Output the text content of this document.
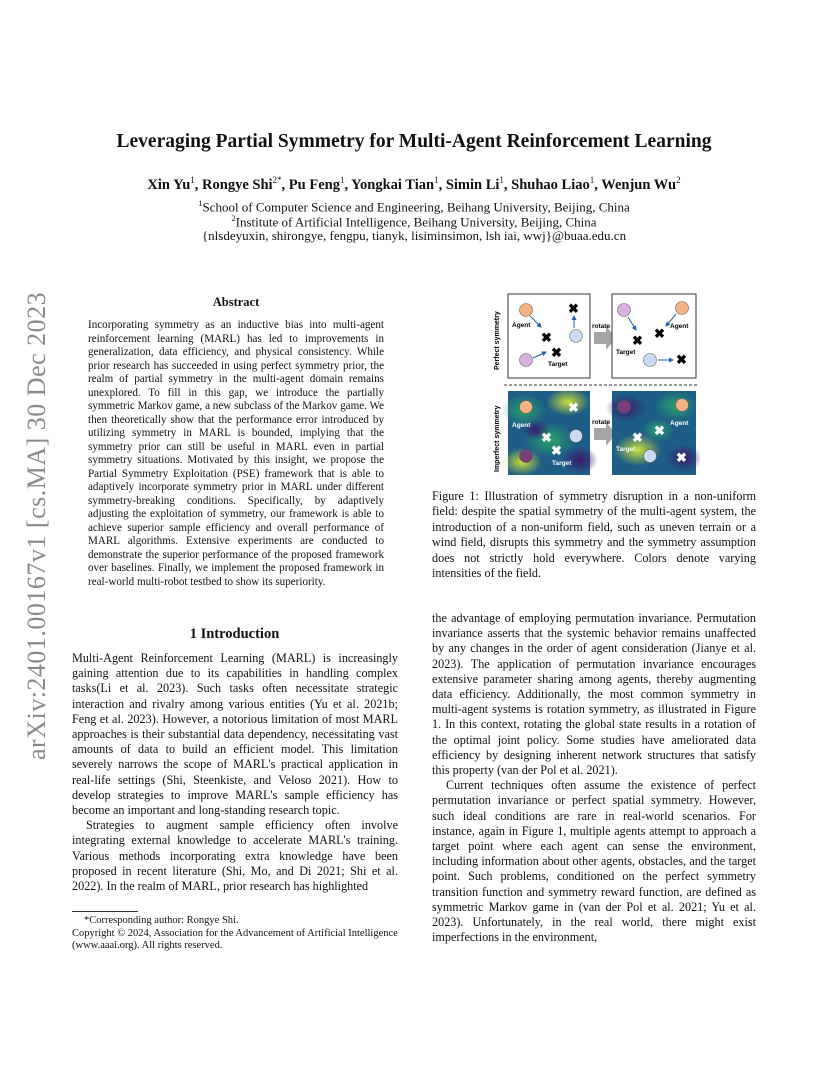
arXiv:2401.00167v1 [cs.MA] 30 Dec 2023
Leveraging Partial Symmetry for Multi-Agent Reinforcement Learning
Xin Yu$^1$, Rongye Shi$^{2*}$, Pu Feng$^1$, Yongkai Tian$^1$, Simin Li$^1$, Shuhao Liao$^1$, Wenjun Wu$^2$
$^1$School of Computer Science and Engineering, Beihang University, Beijing, China
$^2$Institute of Artificial Intelligence, Beihang University, Beijing, China
{nlsdeyuxin, shirongye, fengpu, tianyk, lisiminsimon, lsh iai, wwj}@buaa.edu.cn
Abstract
Incorporating symmetry as an inductive bias into multi-agent reinforcement learning (MARL) has led to improvements in generalization, data efficiency, and physical consistency. While prior research has succeeded in using perfect symmetry prior, the realm of partial symmetry in the multi-agent domain remains unexplored. To fill in this gap, we introduce the partially symmetric Markov game, a new subclass of the Markov game. We then theoretically show that the performance error introduced by utilizing symmetry in MARL is bounded, implying that the symmetry prior can still be useful in MARL even in partial symmetry situations. Motivated by this insight, we propose the Partial Symmetry Exploitation (PSE) framework that is able to adaptively incorporate symmetry prior in MARL under different symmetry-breaking conditions. Specifically, by adaptively adjusting the exploitation of symmetry, our framework is able to achieve superior sample efficiency and overall performance of MARL algorithms. Extensive experiments are conducted to demonstrate the superior performance of the proposed framework over baselines. Finally, we implement the proposed framework in real-world multi-robot testbed to show its superiority.
1 Introduction

Multi-Agent Reinforcement Learning (MARL) is increasingly gaining attention due to its capabilities in handling complex tasks(Li et al. 2023). Such tasks often necessitate strategic interaction and rivalry among various entities (Yu et al. 2021b; Feng et al. 2023). However, a notorious limitation of most MARL approaches is their substantial data dependency, necessitating vast amounts of data to build an efficient model. This limitation severely narrows the scope of MARL's practical application in real-life settings (Shi, Steenkiste, and Veloso 2021). How to develop strategies to improve MARL's sample efficiency has become an important and long-standing research topic.

Strategies to augment sample efficiency often involve integrating external knowledge to accelerate MARL's training. Various methods incorporating extra knowledge have been proposed in recent literature (Shi, Mo, and Di 2021; Shi et al. 2022). In the realm of MARL, prior research has highlighted

*Corresponding author: Rongye Shi.
Copyright © 2024, Association for the Advancement of Artificial Intelligence (www.aaai.org). All rights reserved.
Perfect symmetry
Imperfect symmetry
✖
✖
✖
Agent
Target
rotate
✖ ✖
✖
Agent
Target
✖
✖
✖
Agent
Target
rotate
✖ ✖
✖
Agent
Target
Figure 1: Illustration of symmetry disruption in a non-uniform field: despite the spatial symmetry of the multi-agent system, the introduction of a non-uniform field, such as uneven terrain or a wind field, disrupts this symmetry and the symmetry assumption does not strictly hold everywhere. Colors denote varying intensities of the field.

the advantage of employing permutation invariance. Permutation invariance asserts that the systemic behavior remains unaffected by any changes in the order of agent consideration (Jianye et al. 2023). The application of permutation invariance encourages extensive parameter sharing among agents, thereby augmenting data efficiency. Additionally, the most common symmetry in multi-agent systems is rotation symmetry, as illustrated in Figure 1. In this context, rotating the global state results in a rotation of the optimal joint policy. Some studies have ameliorated data efficiency by designing inherent network structures that satisfy this property (van der Pol et al. 2021).

Current techniques often assume the existence of perfect permutation invariance or perfect spatial symmetry. However, such ideal conditions are rare in real-world scenarios. For instance, again in Figure 1, multiple agents attempt to approach a target point where each agent can sense the environment, including information about other agents, obstacles, and the target point. Such problems, conditioned on the perfect symmetry transition function and symmetry reward function, are defined as symmetric Markov game in (van der Pol et al. 2021; Yu et al. 2023). Unfortunately, in the real world, there might exist imperfections in the environment,
